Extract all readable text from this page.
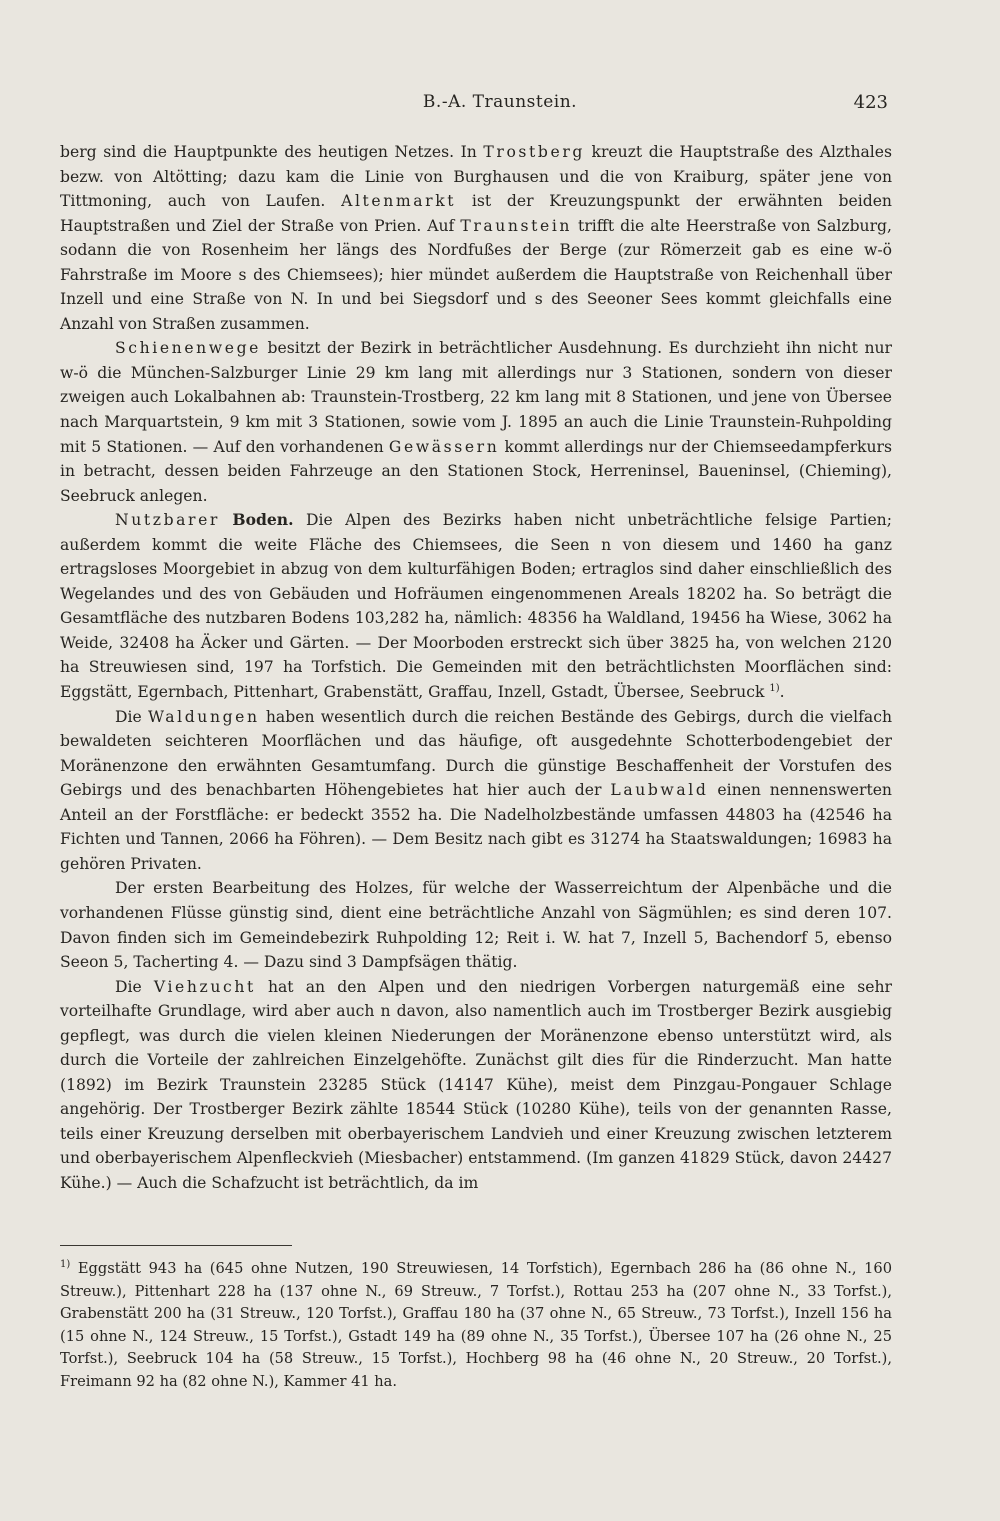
B.-A. Traunstein.	423

berg sind die Hauptpunkte des heutigen Netzes. In Trostberg kreuzt die Hauptstraße des Alzthales bezw. von Altötting; dazu kam die Linie von Burghausen und die von Kraiburg, später jene von Tittmoning, auch von Laufen. Altenmarkt ist der Kreuzungspunkt der erwähnten beiden Hauptstraßen und Ziel der Straße von Prien. Auf Traunstein trifft die alte Heerstraße von Salzburg, sodann die von Rosenheim her längs des Nordfußes der Berge (zur Römerzeit gab es eine w-ö Fahrstraße im Moore s des Chiemsees); hier mündet außerdem die Hauptstraße von Reichenhall über Inzell und eine Straße von N. In und bei Siegsdorf und s des Seeoner Sees kommt gleichfalls eine Anzahl von Straßen zusammen.

Schienenwege besitzt der Bezirk in beträchtlicher Ausdehnung. Es durchzieht ihn nicht nur w-ö die München-Salzburger Linie 29 km lang mit allerdings nur 3 Stationen, sondern von dieser zweigen auch Lokalbahnen ab: Traunstein-Trostberg, 22 km lang mit 8 Stationen, und jene von Übersee nach Marquartstein, 9 km mit 3 Stationen, sowie vom J. 1895 an auch die Linie Traunstein-Ruhpolding mit 5 Stationen. — Auf den vorhandenen Gewässern kommt allerdings nur der Chiemseedampferkurs in betracht, dessen beiden Fahrzeuge an den Stationen Stock, Herreninsel, Baueninsel, (Chieming), Seebruck anlegen.

Nutzbarer Boden. Die Alpen des Bezirks haben nicht unbeträchtliche felsige Partien; außerdem kommt die weite Fläche des Chiemsees, die Seen n von diesem und 1460 ha ganz ertragsloses Moorgebiet in abzug von dem kulturfähigen Boden; ertraglos sind daher einschließlich des Wegelandes und des von Gebäuden und Hofräumen eingenommenen Areals 18202 ha. So beträgt die Gesamtfläche des nutzbaren Bodens 103,282 ha, nämlich: 48356 ha Waldland, 19456 ha Wiese, 3062 ha Weide, 32408 ha Äcker und Gärten. — Der Moorboden erstreckt sich über 3825 ha, von welchen 2120 ha Streuwiesen sind, 197 ha Torfstich. Die Gemeinden mit den beträchtlichsten Moorflächen sind: Eggstätt, Egernbach, Pittenhart, Grabenstätt, Graffau, Inzell, Gstadt, Übersee, Seebruck $^{1)}$.

Die Waldungen haben wesentlich durch die reichen Bestände des Gebirgs, durch die vielfach bewaldeten seichteren Moorflächen und das häufige, oft ausgedehnte Schotterbodengebiet der Moränenzone den erwähnten Gesamtumfang. Durch die günstige Beschaffenheit der Vorstufen des Gebirgs und des benachbarten Höhengebietes hat hier auch der Laubwald einen nennenswerten Anteil an der Forstfläche: er bedeckt 3552 ha. Die Nadelholzbestände umfassen 44803 ha (42546 ha Fichten und Tannen, 2066 ha Föhren). — Dem Besitz nach gibt es 31274 ha Staatswaldungen; 16983 ha gehören Privaten.

Der ersten Bearbeitung des Holzes, für welche der Wasserreichtum der Alpenbäche und die vorhandenen Flüsse günstig sind, dient eine beträchtliche Anzahl von Sägmühlen; es sind deren 107. Davon finden sich im Gemeindebezirk Ruhpolding 12; Reit i. W. hat 7, Inzell 5, Bachendorf 5, ebenso Seeon 5, Tacherting 4. — Dazu sind 3 Dampfsägen thätig.

Die Viehzucht hat an den Alpen und den niedrigen Vorbergen naturgemäß eine sehr vorteilhafte Grundlage, wird aber auch n davon, also namentlich auch im Trostberger Bezirk ausgiebig gepflegt, was durch die vielen kleinen Niederungen der Moränenzone ebenso unterstützt wird, als durch die Vorteile der zahlreichen Einzelgehöfte. Zunächst gilt dies für die Rinderzucht. Man hatte (1892) im Bezirk Traunstein 23285 Stück (14147 Kühe), meist dem Pinzgau-Pongauer Schlage angehörig. Der Trostberger Bezirk zählte 18544 Stück (10280 Kühe), teils von der genannten Rasse, teils einer Kreuzung derselben mit oberbayerischem Landvieh und einer Kreuzung zwischen letzterem und oberbayerischem Alpenfleckvieh (Miesbacher) entstammend. (Im ganzen 41829 Stück, davon 24427 Kühe.) — Auch die Schafzucht ist beträchtlich, da im

$^{1)}$ Eggstätt 943 ha (645 ohne Nutzen, 190 Streuwiesen, 14 Torfstich), Egernbach 286 ha (86 ohne N., 160 Streuw.), Pittenhart 228 ha (137 ohne N., 69 Streuw., 7 Torfst.), Rottau 253 ha (207 ohne N., 33 Torfst.), Grabenstätt 200 ha (31 Streuw., 120 Torfst.), Graffau 180 ha (37 ohne N., 65 Streuw., 73 Torfst.), Inzell 156 ha (15 ohne N., 124 Streuw., 15 Torfst.), Gstadt 149 ha (89 ohne N., 35 Torfst.), Übersee 107 ha (26 ohne N., 25 Torfst.), Seebruck 104 ha (58 Streuw., 15 Torfst.), Hochberg 98 ha (46 ohne N., 20 Streuw., 20 Torfst.), Freimann 92 ha (82 ohne N.), Kammer 41 ha.
